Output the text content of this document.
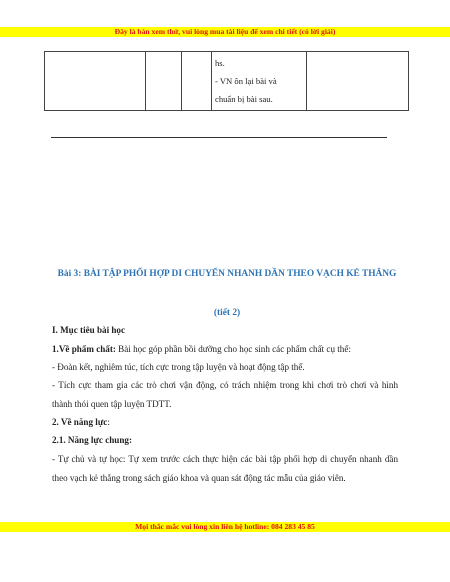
Đây là bản xem thử, vui lòng mua tài liệu để xem chi tiết (có lời giải)

hs.
- VN ôn lại bài và
chuẩn bị bài sau.

Bài 3: BÀI TẬP PHỐI HỢP DI CHUYỂN NHANH DẦN THEO VẠCH KẺ THẲNG
(tiết 2)
I. Mục tiêu bài học
1.Về phẩm chất: Bài học góp phần bồi dưỡng cho học sinh các phẩm chất cụ thể:
- Đoàn kết, nghiêm túc, tích cực trong tập luyện và hoạt động tập thể.
- Tích cực tham gia các trò chơi vận động, có trách nhiệm trong khi chơi trò chơi và hình thành thói quen tập luyện TDTT.
2. Về năng lực:
2.1. Năng lực chung:
- Tự chủ và tự học: Tự xem trước cách thực hiện các bài tập phối hợp di chuyển nhanh dần theo vạch kẻ thẳng trong sách giáo khoa và quan sát động tác mẫu của giáo viên.
Mọi thắc mắc vui lòng xin liên hệ hotline: 084 283 45 85
